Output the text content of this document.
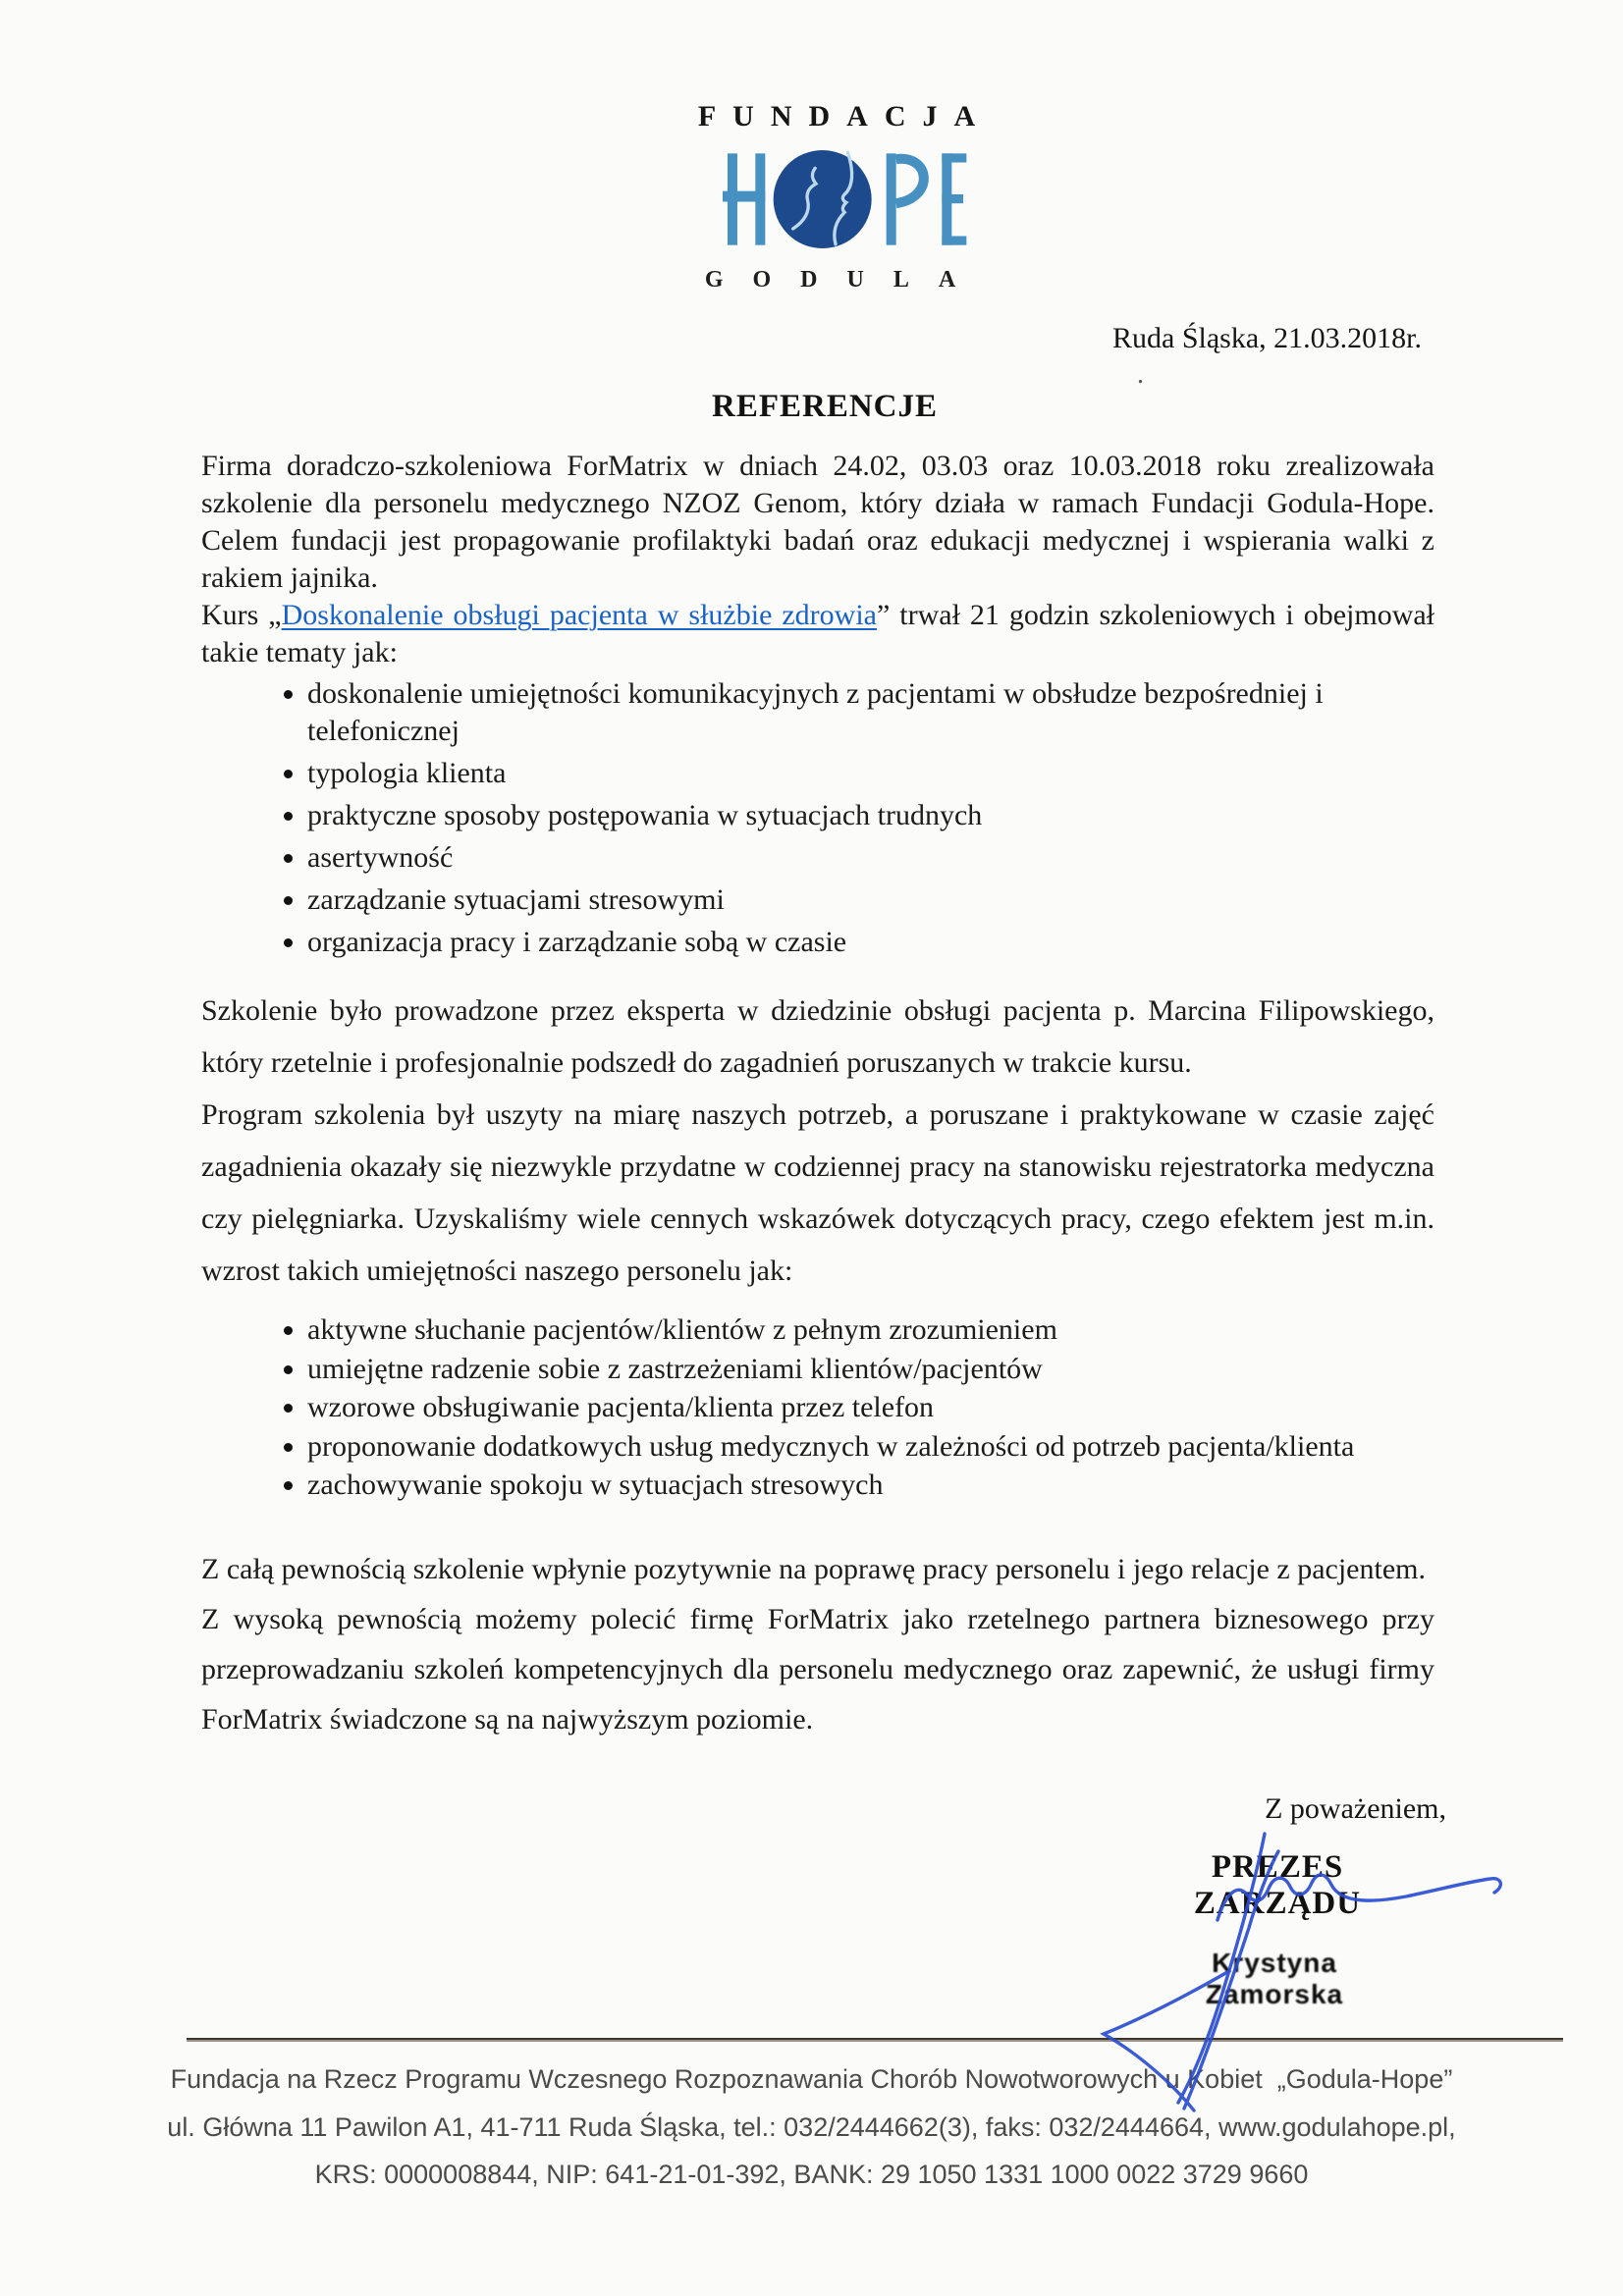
FUNDACJA
GODULA
Ruda Śląska, 21.03.2018r.
.
REFERENCJE

Firma doradczo-szkoleniowa ForMatrix w dniach 24.02, 03.03 oraz 10.03.2018 roku zrealizowała szkolenie dla personelu medycznego NZOZ Genom, który działa w ramach Fundacji Godula-Hope. Celem fundacji jest propagowanie profilaktyki badań oraz edukacji medycznej i wspierania walki z rakiem jajnika.

Kurs „Doskonalenie obsługi pacjenta w służbie zdrowia” trwał 21 godzin szkoleniowych i obejmował takie tematy jak:

• doskonalenie umiejętności komunikacyjnych z pacjentami w obsłudze bezpośredniej i telefonicznej
• typologia klienta
• praktyczne sposoby postępowania w sytuacjach trudnych
• asertywność
• zarządzanie sytuacjami stresowymi
• organizacja pracy i zarządzanie sobą w czasie

Szkolenie było prowadzone przez eksperta w dziedzinie obsługi pacjenta p. Marcina Filipowskiego, który rzetelnie i profesjonalnie podszedł do zagadnień poruszanych w trakcie kursu.

Program szkolenia był uszyty na miarę naszych potrzeb, a poruszane i praktykowane w czasie zajęć zagadnienia okazały się niezwykle przydatne w codziennej pracy na stanowisku rejestratorka medyczna czy pielęgniarka. Uzyskaliśmy wiele cennych wskazówek dotyczących pracy, czego efektem jest m.in. wzrost takich umiejętności naszego personelu jak:

• aktywne słuchanie pacjentów/klientów z pełnym zrozumieniem
• umiejętne radzenie sobie z zastrzeżeniami klientów/pacjentów
• wzorowe obsługiwanie pacjenta/klienta przez telefon
• proponowanie dodatkowych usług medycznych w zależności od potrzeb pacjenta/klienta
• zachowywanie spokoju w sytuacjach stresowych

Z całą pewnością szkolenie wpłynie pozytywnie na poprawę pracy personelu i jego relacje z pacjentem.

Z wysoką pewnością możemy polecić firmę ForMatrix jako rzetelnego partnera biznesowego przy przeprowadzaniu szkoleń kompetencyjnych dla personelu medycznego oraz zapewnić, że usługi firmy ForMatrix świadczone są na najwyższym poziomie.

Z poważeniem,
PREZES ZARZĄDU
Krystyna Zamorska
Fundacja na Rzecz Programu Wczesnego Rozpoznawania Chorób Nowotworowych u Kobiet  „Godula-Hope”
ul. Główna 11 Pawilon A1, 41-711 Ruda Śląska, tel.: 032/2444662(3), faks: 032/2444664, www.godulahope.pl,
KRS: 0000008844, NIP: 641-21-01-392, BANK: 29 1050 1331 1000 0022 3729 9660
